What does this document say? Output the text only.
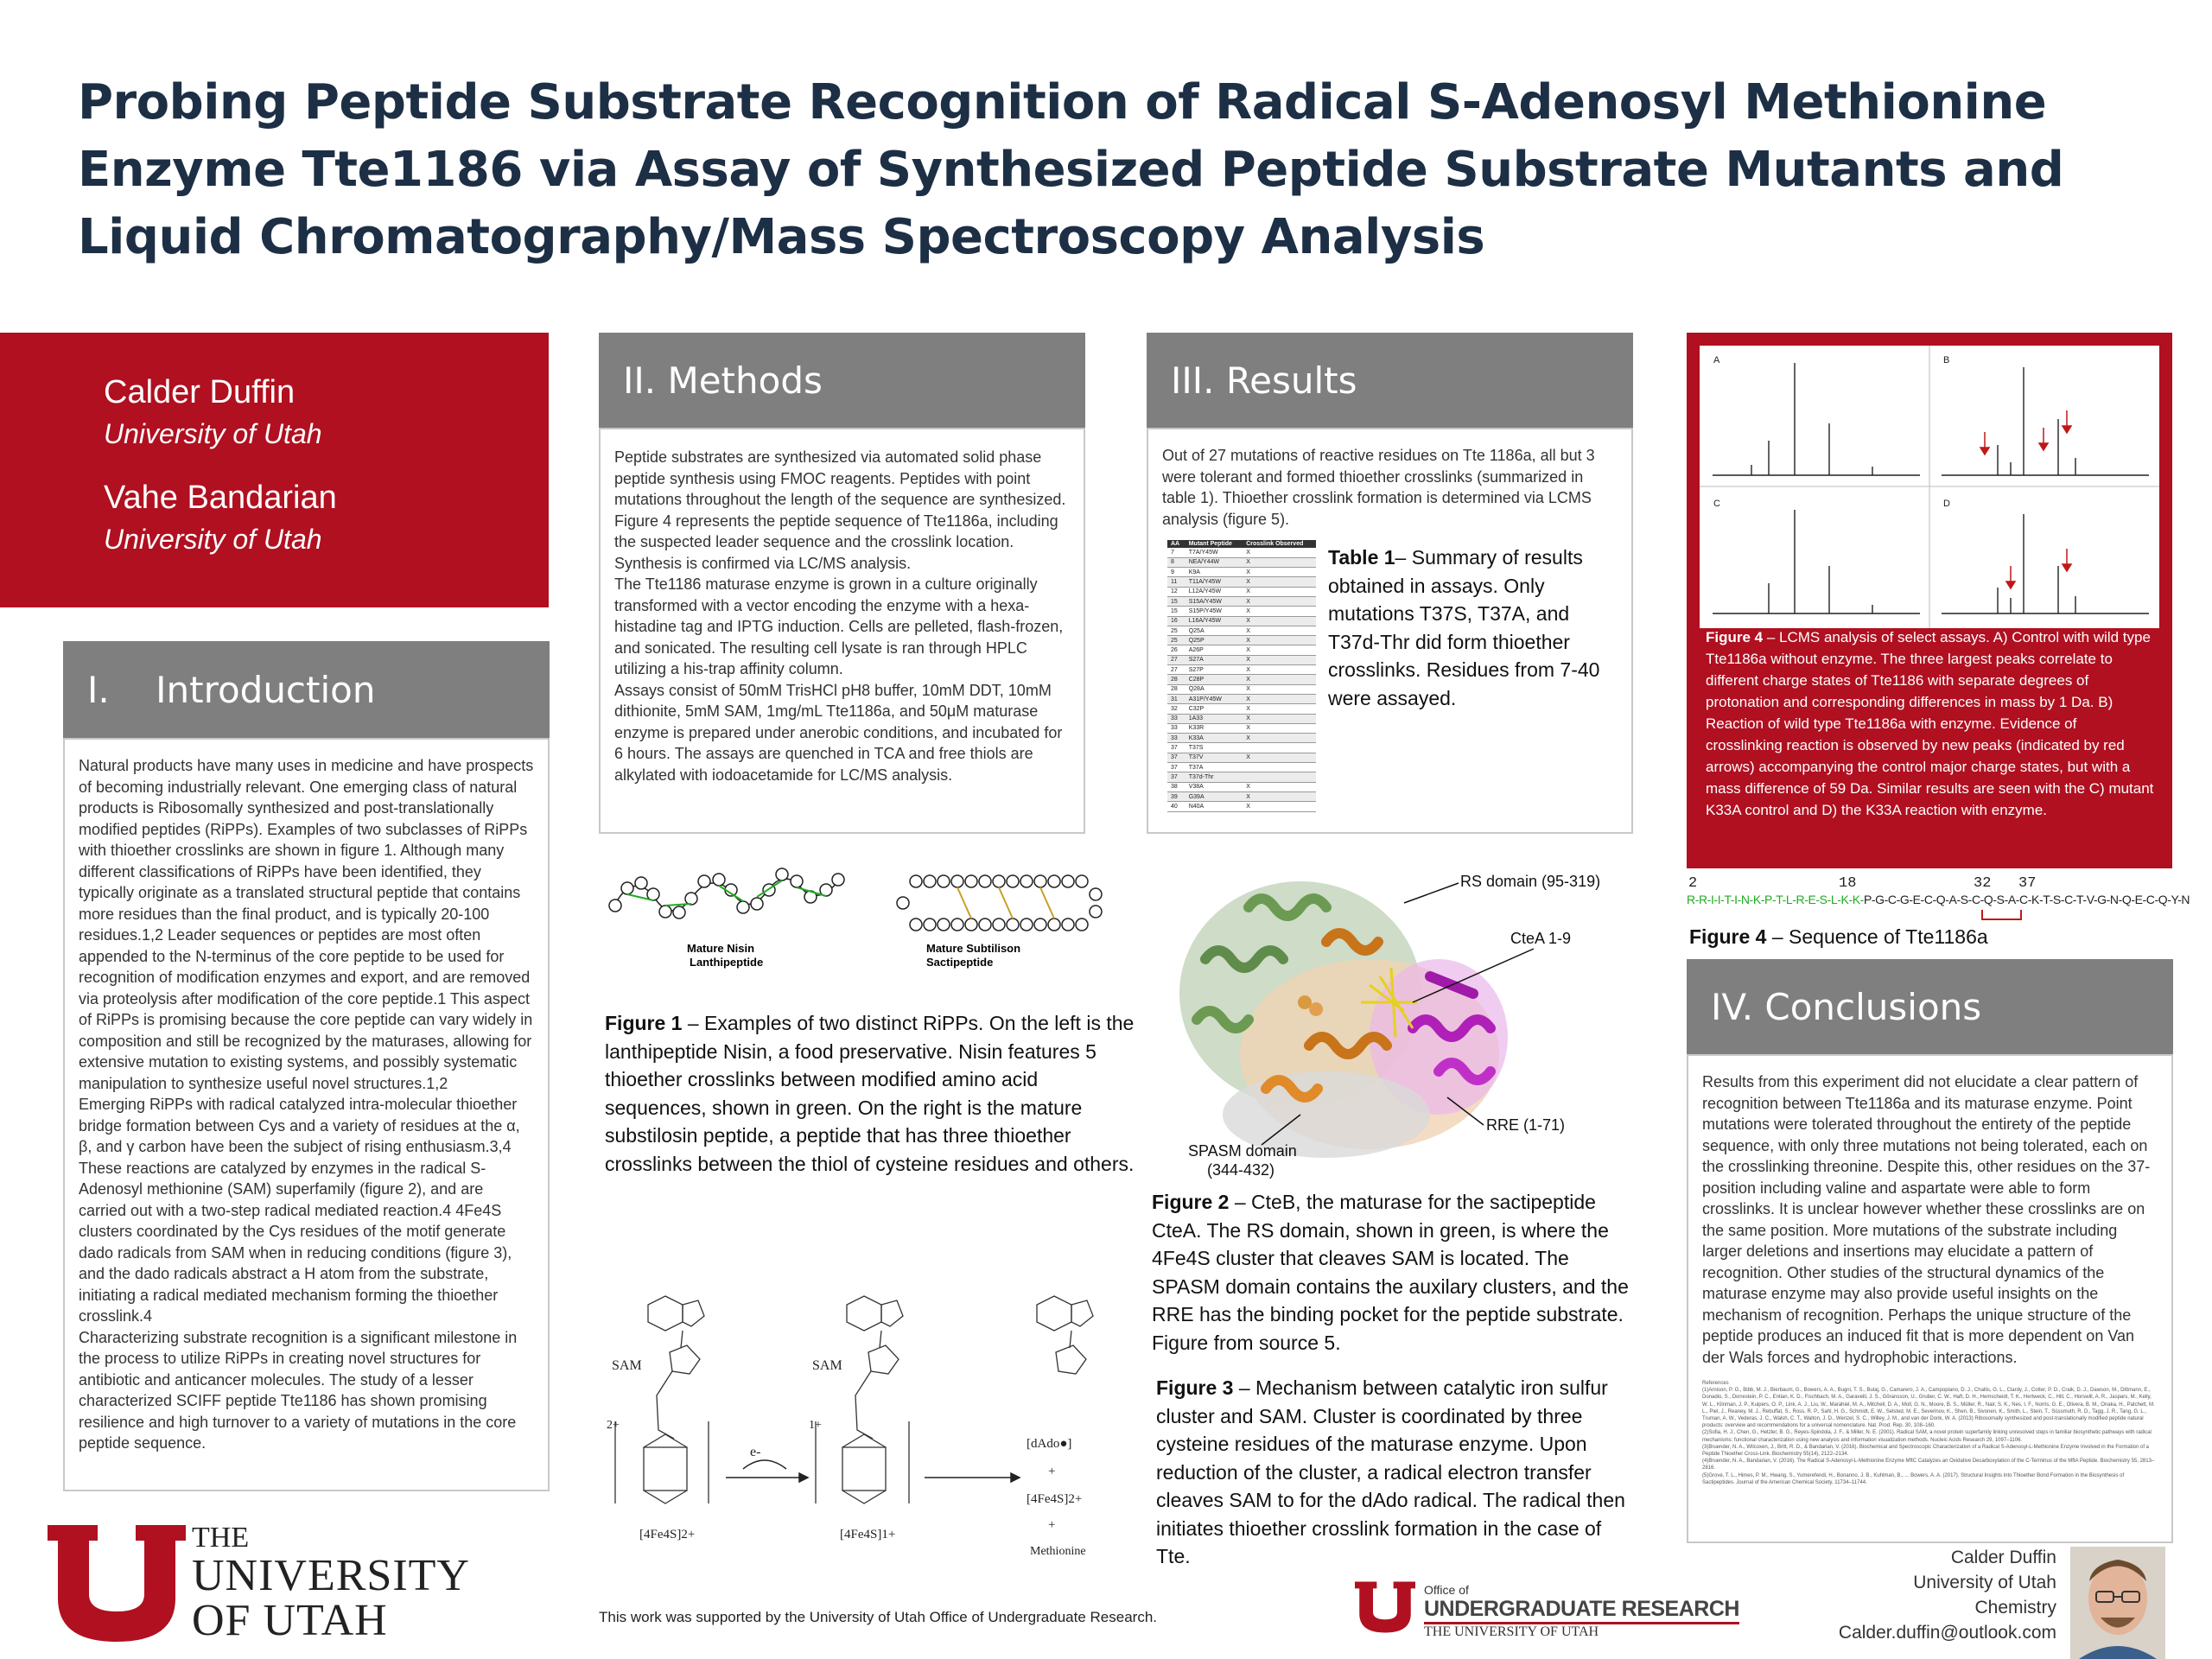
Probing Peptide Substrate Recognition of Radical S-Adenosyl Methionine Enzyme Tte1186 via Assay of Synthesized Peptide Substrate Mutants and Liquid Chromatography/Mass Spectroscopy Analysis
Calder Duffin
University of Utah
Vahe Bandarian
University of Utah
I.    Introduction
Natural products have many uses in medicine and have prospects of becoming industrially relevant. One emerging class of natural products is Ribosomally synthesized and post-translationally modified peptides (RiPPs). Examples of two subclasses of RiPPs with thioether crosslinks are shown in figure 1. Although many different classifications of RiPPs have been identified, they typically originate as a translated structural peptide that contains more residues than the final product, and is typically 20-100 residues.1,2 Leader sequences or peptides are most often appended to the N-terminus of the core peptide to be used for recognition of modification enzymes and export, and are removed via proteolysis after modification of the core peptide.1 This aspect of RiPPs is promising because the core peptide can vary widely in composition and still be recognized by the maturases, allowing for extensive mutation to existing systems, and possibly systematic manipulation to synthesize useful novel structures.1,2
Emerging RiPPs with radical catalyzed intra-molecular thioether bridge formation between Cys and a variety of residues at the α, β, and γ carbon have been the subject of rising enthusiasm.3,4 These reactions are catalyzed by enzymes in the radical S-Adenosyl methionine (SAM) superfamily (figure 2), and are carried out with a two-step radical mediated reaction.4 4Fe4S clusters coordinated by the Cys residues of the motif generate dado radicals from SAM when in reducing conditions (figure 3), and the dado radicals abstract a H atom from the substrate, initiating a radical mediated mechanism forming the thioether crosslink.4
Characterizing substrate recognition is a significant milestone in the process to utilize RiPPs in creating novel structures for antibiotic and anticancer molecules. The study of a lesser characterized SCIFF peptide Tte1186 has shown promising resilience and high turnover to a variety of mutations in the core peptide sequence.
II. Methods
Peptide substrates are synthesized via automated solid phase peptide synthesis using FMOC reagents. Peptides with point mutations throughout the length of the sequence are synthesized. Figure 4 represents the peptide sequence of Tte1186a, including the suspected leader sequence and the crosslink location. Synthesis is confirmed via LC/MS analysis.
The Tte1186 maturase enzyme is grown in a culture originally transformed with a vector encoding the enzyme with a hexa-histadine tag and IPTG induction. Cells are pelleted, flash-frozen, and sonicated. The resulting cell lysate is ran through HPLC utilizing a his-trap affinity column.
Assays consist of 50mM TrisHCl pH8 buffer, 10mM DDT, 10mM dithionite, 5mM SAM, 1mg/mL Tte1186a, and 50μM maturase enzyme is prepared under anerobic conditions, and incubated for 6 hours. The assays are quenched in TCA and free thiols are alkylated with iodoacetamide for LC/MS analysis.
Mature Nisin
Lanthipeptide
Mature Subtilison
Sactipeptide
Figure 1 – Examples of two distinct RiPPs. On the left is the lanthipeptide Nisin, a food preservative. Nisin features 5 thioether crosslinks between modified amino acid sequences, shown in green. On the right is the mature substilosin peptide, a peptide that has three thioether crosslinks between the thiol of cysteine residues and others.
SAM	SAM
2+	1+
[4Fe4S]2+	[4Fe4S]1+
e-
[dAdo●]
+
[4Fe4S]2+
+
Methionine
III. Results
Out of 27 mutations of reactive residues on Tte 1186a, all but 3 were tolerant and formed thioether crosslinks (summarized in table 1). Thioether crosslink formation is determined via LCMS analysis (figure 5).
AA	Mutant Peptide	Crosslink Observed
7	T7A/Y45W	X
8	NEA/Y44W	X
9	K9A	X
11	T11A/Y45W	X
12	L12A/Y45W	X
15	S15A/Y45W	X
15	S15P/Y45W	X
16	L16A/Y45W	X
25	Q25A	X
25	Q25P	X
26	A26P	X
27	S27A	X
27	S27P	X
28	C28P	X
28	Q28A	X
31	A31P/Y45W	X
32	C32P	X
33	1A33	X
33	K33R	X
33	K33A	X
37	T37S	
37	T37V	X
37	T37A	
37	T37d-Thr	
38	V38A	X
39	G39A	X
40	N40A	X
Table 1– Summary of results obtained in assays. Only mutations T37S, T37A, and T37d-Thr did form thioether crosslinks. Residues from 7-40 were assayed.
RS domain (95-319)
CteA 1-9
SPASM domain
(344-432)
RRE (1-71)
Figure 2 – CteB, the maturase for the sactipeptide CteA. The RS domain, shown in green, is where the 4Fe4S cluster that cleaves SAM is located. The SPASM domain contains the auxilary clusters, and the RRE has the binding pocket for the peptide substrate. Figure from source 5.
Figure 3 – Mechanism between catalytic iron sulfur cluster and SAM. Cluster is coordinated by three cysteine residues of the maturase enzyme. Upon reduction of the cluster, a radical electron transfer cleaves SAM to for the dAdo radical. The radical then initiates thioether crosslink formation in the case of Tte.
A	B
C	D
Figure 4 – LCMS analysis of select assays. A) Control with wild type Tte1186a without enzyme. The three largest peaks correlate to different charge states of Tte1186 with separate degrees of protonation and corresponding differences in mass by 1 Da. B) Reaction of wild type Tte1186a with enzyme. Evidence of crosslinking reaction is observed by new peaks (indicated by red arrows) accompanying the control major charge states, but with a mass difference of 59 Da. Similar results are seen with the C) mutant K33A control and D) the K33A reaction with enzyme.
2	18	32 37
R-R-I-I-T-I-N-K-P-T-L-R-E-S-L-K-K-P-G-C-G-E-C-Q-A-S-C-Q-S-A-C-K-T-S-C-T-V-G-N-Q-E-C-Q-Y-N
Figure 4 – Sequence of Tte1186a
IV. Conclusions
Results from this experiment did not elucidate a clear pattern of recognition between Tte1186a and its maturase enzyme. Point mutations were tolerated throughout the entirety of the peptide sequence, with only three mutations not being tolerated, each on the crosslinking threonine. Despite this, other residues on the 37-position including valine and aspartate were able to form crosslinks. It is unclear however whether these crosslinks are on the same position. More mutations of the substrate including larger deletions and insertions may elucidate a pattern of recognition. Other studies of the structural dynamics of the maturase enzyme may also provide useful insights on the mechanism of recognition. Perhaps the unique structure of the peptide produces an induced fit that is more dependent on Van der Wals forces and hydrophobic interactions.
References
(1)Arnison, P. G., Bibb, M. J., Bierbaum, G., Bowers, A. A., Bugni, T. S., Bulaj, G., Camarero, J. A., Campopiano, D. J., Challis, G. L., Clardy, J., Cotter, P. D., Craik, D. J., Dawson, M., Dittmann, E., Donadio, S., Dorrestein, P. C., Entian, K. D., Fischbach, M. A., Garavelli, J. S., Göransson, U., Gruber, C. W., Haft, D. H., Hemscheidt, T. K., Hertweck, C., Hill, C., Horswill, A. R., Jaspars, M., Kelly, W. L., Klinman, J. P., Kuipers, O. P., Link, A. J., Liu, W., Marahiel, M. A., Mitchell, D. A., Moll, G. N., Moore, B. S., Müller, R., Nair, S. K., Nes, I. F., Norris, G. E., Olivera, B. M., Onaka, H., Patchett, M. L., Piel, J., Reaney, M. J., Rebuffat, S., Ross, R. P., Sahl, H. G., Schmidt, E. W., Selsted, M. E., Severinov, K., Shen, B., Sivonen, K., Smith, L., Stein, T., Süssmuth, R. D., Tagg, J. R., Tang, G. L., Truman, A. W., Vederas, J. C., Walsh, C. T., Walton, J. D., Wenzel, S. C., Willey, J. M., and van der Donk, W. A. (2013) Ribosomally synthesized and post-translationally modified peptide natural products: overview and recommendations for a universal nomenclature. Nat. Prod. Rep. 30, 108–160.
(2)Sofia, H. J., Chen, G., Hetzler, B. G., Reyes-Spindola, J. F., & Miller, N. E. (2001). Radical SAM, a novel protein superfamily linking unresolved steps in familiar biosynthetic pathways with radical mechanisms: functional characterization using new analysis and information visualization methods. Nucleic Acids Research 29, 1097–1106.
(3)Bruender, N. A., Wilcoxen, J., Britt, R. D., & Bandarian, V. (2016). Biochemical and Spectroscopic Characterization of a Radical S-Adenosyl-L-Methionine Enzyme Involved in the Formation of a Peptide Thioether Cross-Link. Biochemistry 55(14), 2122–2134.
(4)Bruender, N. A., Bandarian, V. (2016). The Radical S-Adenosyl-L-Methionine Enzyme MftC Catalyzes an Oxidative Decarboxylation of the C-Terminus of the MftA Peptide. Biochemistry 55, 2813–2816.
(5)Grove, T. L., Himes, P. M., Hwang, S., Yumerefendi, H., Bonanno, J. B., Kuhlman, B., ... Bowers, A. A. (2017). Structural Insights into Thioether Bond Formation in the Biosynthesis of Sactipeptides. Journal of the American Chemical Society, 11734–11744.
THE
UNIVERSITY
OF UTAH	This work was supported by the University of Utah Office of Undergraduate Research.
Office of
UNDERGRADUATE RESEARCH
THE UNIVERSITY OF UTAH
Calder Duffin
University of Utah
Chemistry
Calder.duffin@outlook.com
